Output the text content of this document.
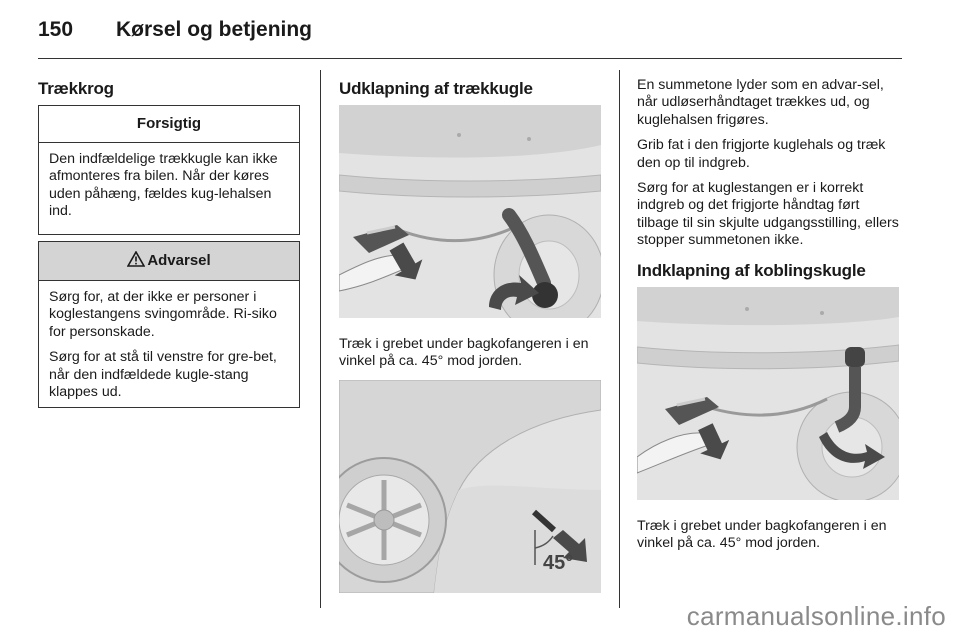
150 Kørsel og betjening
Trækkrog
Forsigtig

Den indfældelige trækkugle kan ikke afmonteres fra bilen. Når der køres uden påhæng, fældes kug-lehalsen ind.

Advarsel

Sørg for, at der ikke er personer i koglestangens svingområde. Ri-siko for personskade.

Sørg for at stå til venstre for gre-bet, når den indfældede kugle-stang klappes ud.

Udklapning af trækkugle
Træk i grebet under bagkofangeren i en vinkel på ca. 45° mod jorden.
45°

En summetone lyder som en advar-sel, når udløserhåndtaget trækkes ud, og kuglehalsen frigøres.

Grib fat i den frigjorte kuglehals og træk den op til indgreb.

Sørg for at kuglestangen er i korrekt indgreb og det frigjorte håndtag ført tilbage til sin skjulte udgangsstilling, ellers stopper summetonen ikke.

Indklapning af koblingskugle
Træk i grebet under bagkofangeren i en vinkel på ca. 45° mod jorden.
carmanualsonline.info
